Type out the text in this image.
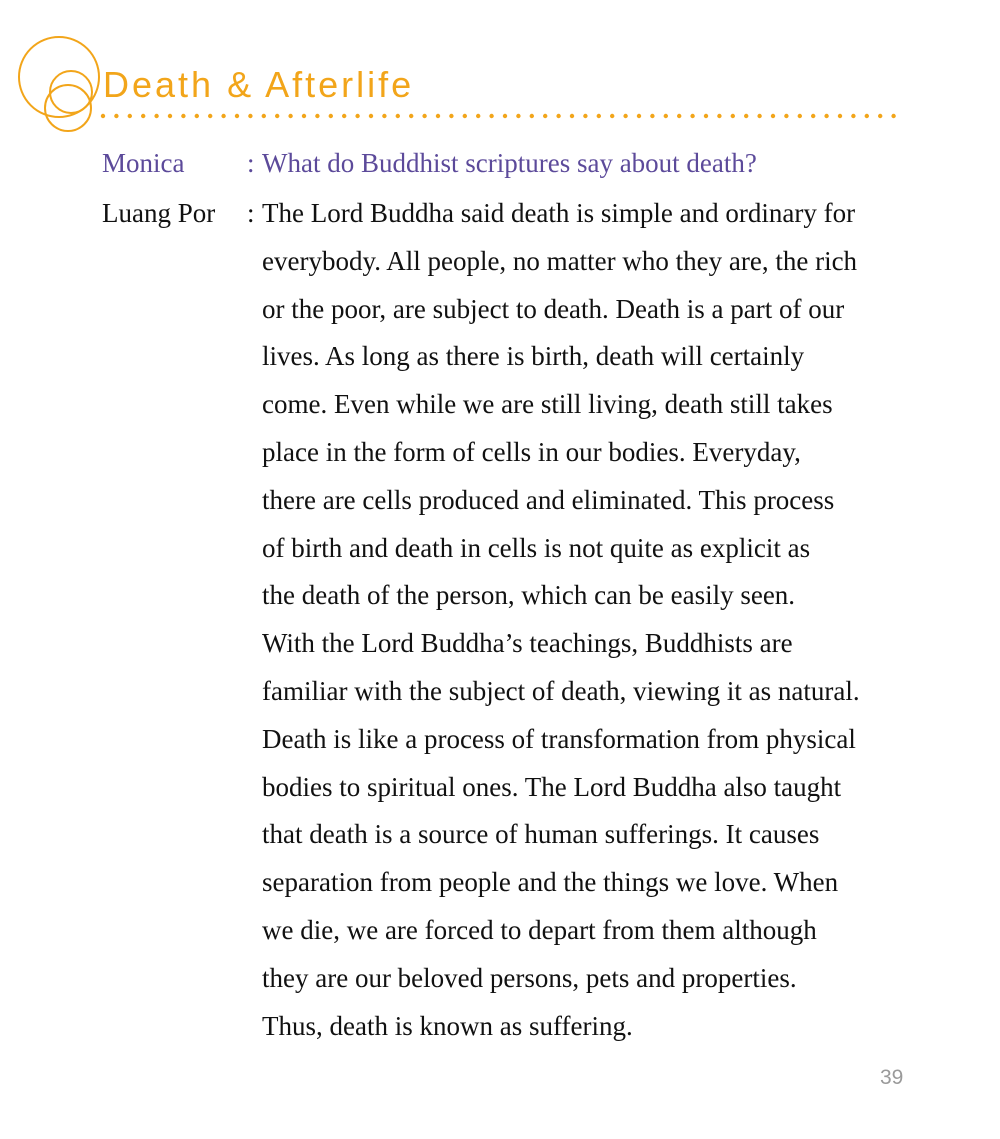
Death & Afterlife
Monica : What do Buddhist scriptures say about death?
Luang Por : The Lord Buddha said death is simple and ordinary for
everybody. All people, no matter who they are, the rich
or the poor, are subject to death. Death is a part of our
lives. As long as there is birth, death will certainly
come. Even while we are still living, death still takes
place in the form of cells in our bodies. Everyday,
there are cells produced and eliminated. This process
of birth and death in cells is not quite as explicit as
the death of the person, which can be easily seen.
With the Lord Buddha’s teachings, Buddhists are
familiar with the subject of death, viewing it as natural.
Death is like a process of transformation from physical
bodies to spiritual ones. The Lord Buddha also taught
that death is a source of human sufferings. It causes
separation from people and the things we love. When
we die, we are forced to depart from them although
they are our beloved persons, pets and properties.
Thus, death is known as suffering.
39
